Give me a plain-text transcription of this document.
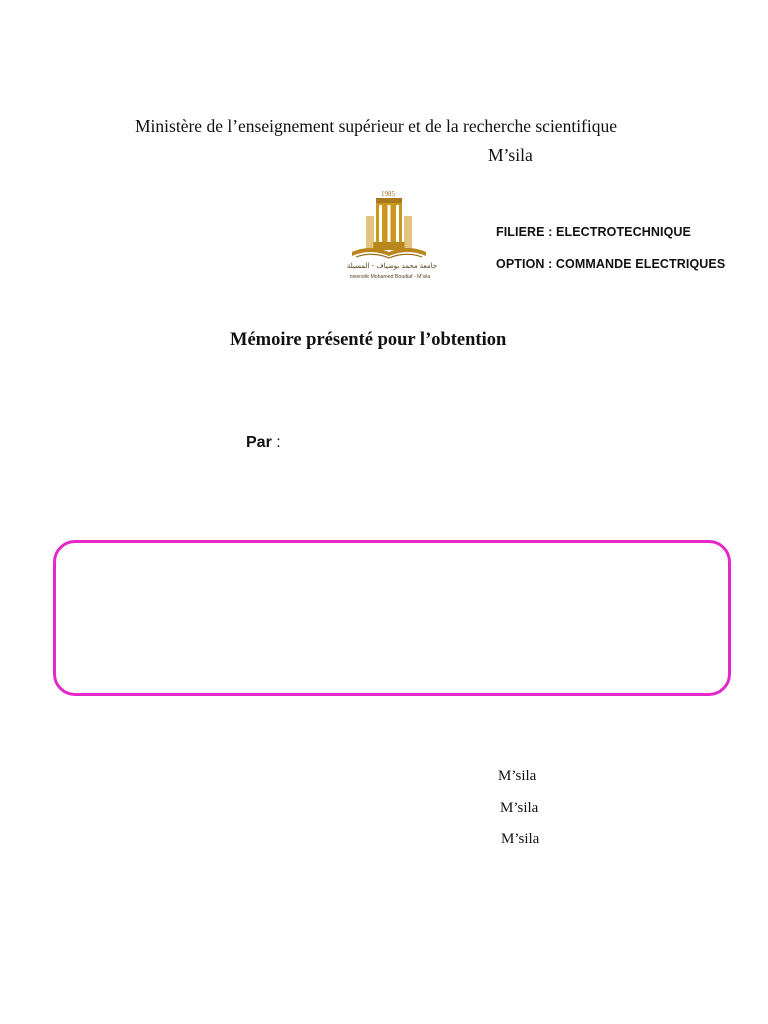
Ministère de l’enseignement supérieur et de la recherche scientifique
M’sila
1985
جامعة محمد بوضياف - المسيلة
niversité Mohamed Boudiaf - M'sila
FILIERE : ELECTROTECHNIQUE
OPTION : COMMANDE ELECTRIQUES
Mémoire présenté pour l’obtention
Par :
M’sila
M’sila
M’sila
